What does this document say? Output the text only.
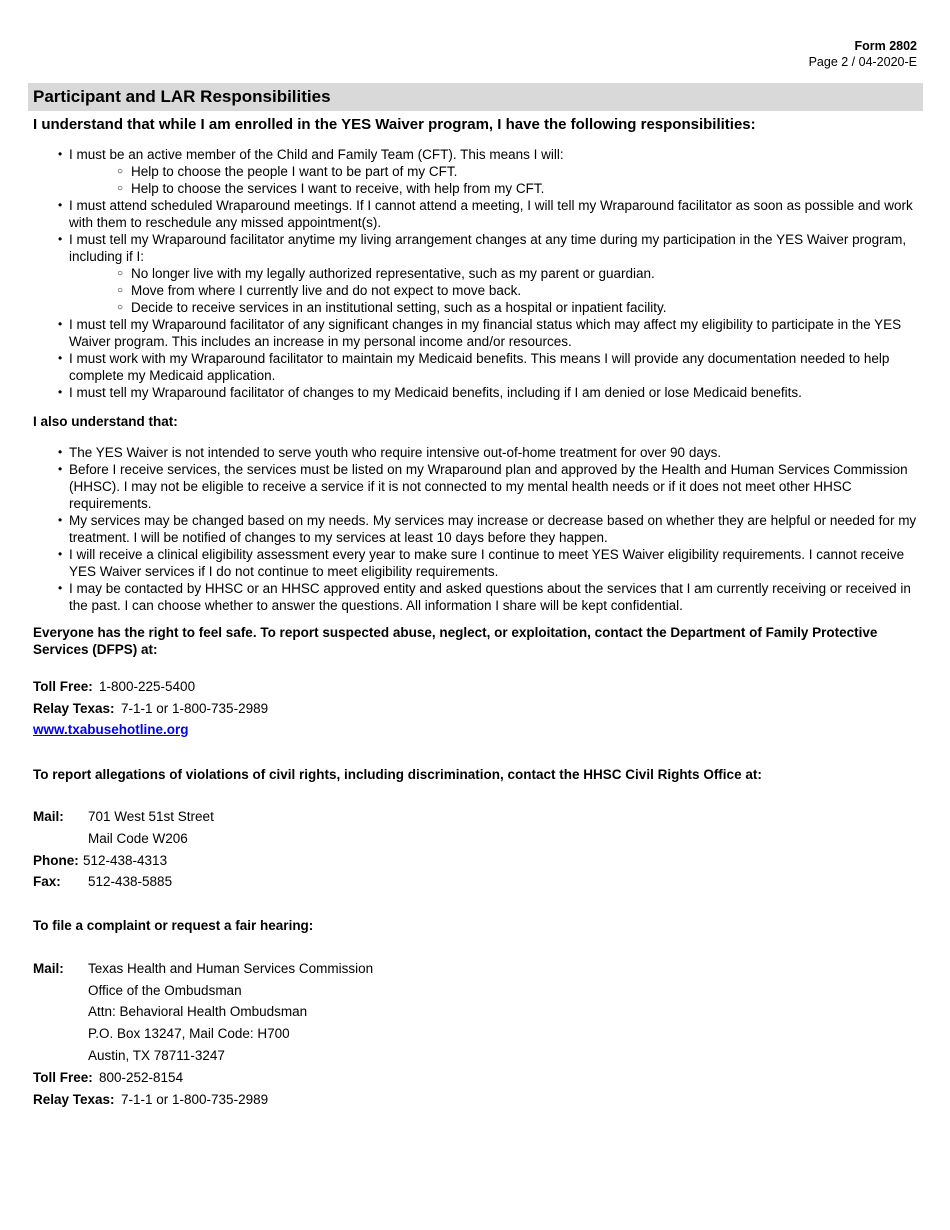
Form 2802
Page 2 / 04-2020-E
Participant and LAR Responsibilities
I understand that while I am enrolled in the YES Waiver program, I have the following responsibilities:
• I must be an active member of the Child and Family Team (CFT). This means I will:
○ Help to choose the people I want to be part of my CFT.
○ Help to choose the services I want to receive, with help from my CFT.
• I must attend scheduled Wraparound meetings. If I cannot attend a meeting, I will tell my Wraparound facilitator as soon as possible and work with them to reschedule any missed appointment(s).
• I must tell my Wraparound facilitator anytime my living arrangement changes at any time during my participation in the YES Waiver program, including if I:
○ No longer live with my legally authorized representative, such as my parent or guardian.
○ Move from where I currently live and do not expect to move back.
○ Decide to receive services in an institutional setting, such as a hospital or inpatient facility.
• I must tell my Wraparound facilitator of any significant changes in my financial status which may affect my eligibility to participate in the YES Waiver program. This includes an increase in my personal income and/or resources.
• I must work with my Wraparound facilitator to maintain my Medicaid benefits. This means I will provide any documentation needed to help complete my Medicaid application.
• I must tell my Wraparound facilitator of changes to my Medicaid benefits, including if I am denied or lose Medicaid benefits.
I also understand that:
• The YES Waiver is not intended to serve youth who require intensive out-of-home treatment for over 90 days.
• Before I receive services, the services must be listed on my Wraparound plan and approved by the Health and Human Services Commission (HHSC). I may not be eligible to receive a service if it is not connected to my mental health needs or if it does not meet other HHSC requirements.
• My services may be changed based on my needs. My services may increase or decrease based on whether they are helpful or needed for my treatment. I will be notified of changes to my services at least 10 days before they happen.
• I will receive a clinical eligibility assessment every year to make sure I continue to meet YES Waiver eligibility requirements. I cannot receive YES Waiver services if I do not continue to meet eligibility requirements.
• I may be contacted by HHSC or an HHSC approved entity and asked questions about the services that I am currently receiving or received in the past. I can choose whether to answer the questions. All information I share will be kept confidential.
Everyone has the right to feel safe. To report suspected abuse, neglect, or exploitation, contact the Department of Family Protective Services (DFPS) at:
Toll Free: 1-800-225-5400
Relay Texas: 7-1-1 or 1-800-735-2989
www.txabusehotline.org
To report allegations of violations of civil rights, including discrimination, contact the HHSC Civil Rights Office at:
Mail: 701 West 51st Street
Mail Code W206
Phone: 512-438-4313
Fax: 512-438-5885
To file a complaint or request a fair hearing:
Mail: Texas Health and Human Services Commission
Office of the Ombudsman
Attn: Behavioral Health Ombudsman
P.O. Box 13247, Mail Code: H700
Austin, TX 78711-3247
Toll Free: 800-252-8154
Relay Texas: 7-1-1 or 1-800-735-2989
